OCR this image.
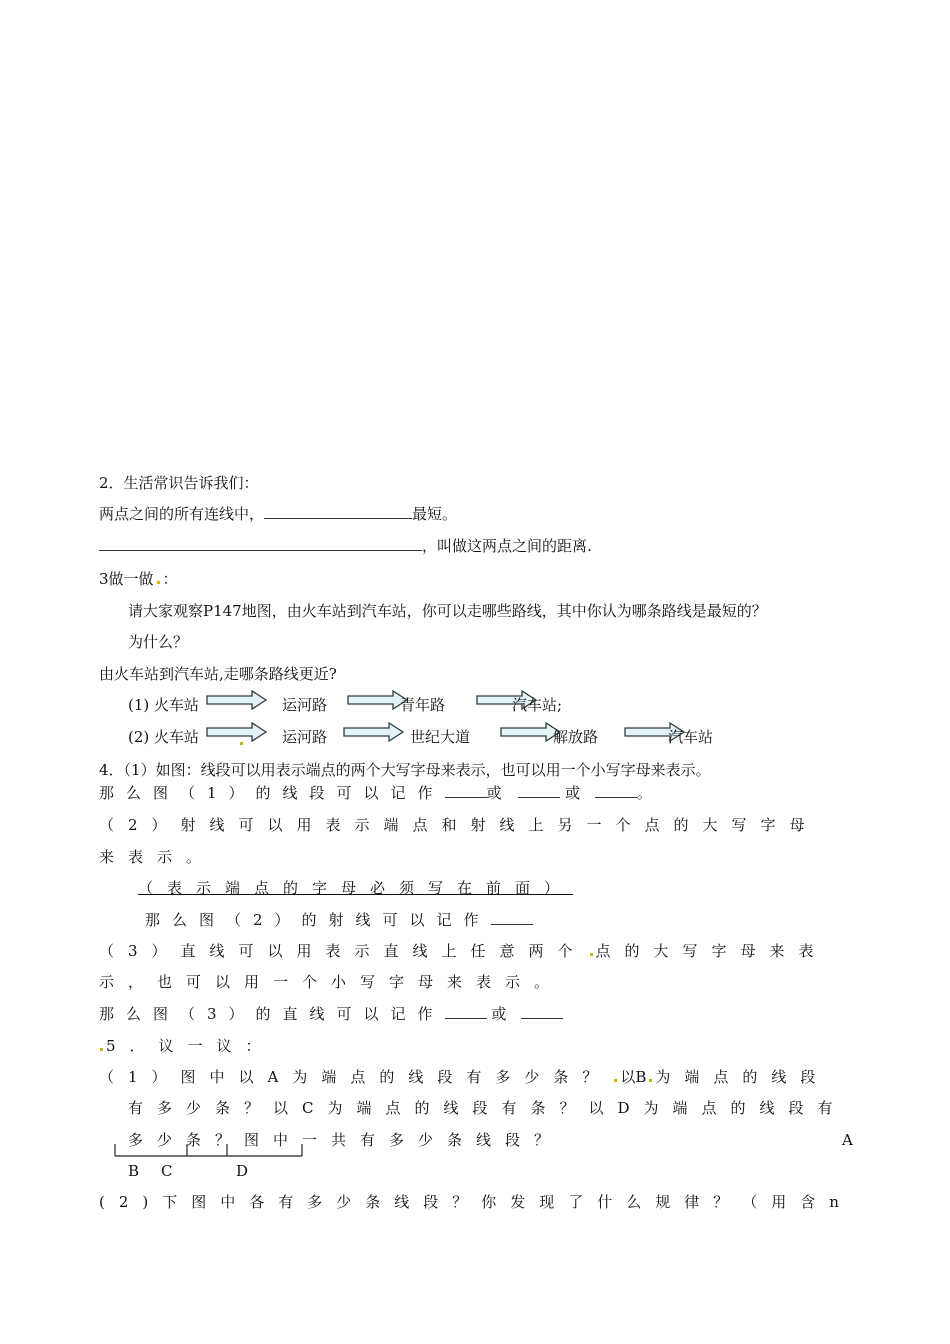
2．生活常识告诉我们：
两点之间的所有连线中，	最短。
，叫做这两点之间的距离.
3做一做 ：
请大家观察P147地图，由火车站到汽车站，你可以走哪些路线，其中你认为哪条路线是最短的？
为什么？
由火车站到汽车站,走哪条路线更近?
(1) 火车站	运河路	青年路	汽车站;
(2) 火车站	运河路	世纪大道	解放路	汽车站
4．（1）如图：线段可以用表示端点的两个大写字母来表示，也可以用一个小写字母来表示。
那么图（1）的线段可以记作	或	或	。
（2）射线可以用表示端点和射线上另一个点的大写字母
来表示。
（表示端点的字母必须写在前面）
那么图（2）的射线可以记作
（3）直线可以用表示直线上任意两个 点的大写字母来表
示，也可以用一个小写字母来表示。
那么图（3）的直线可以记作	或
5．议一议：
（1）图中以A为端点的线段有多少条？ 以B 为端点的线段
有多少条？以C为端点的线段有条？以D为端点的线段有
多少条？图中一共有多少条线段？	A
B C	D
(2)下图中各有多少条线段？你发现了什么规律？（用含n
